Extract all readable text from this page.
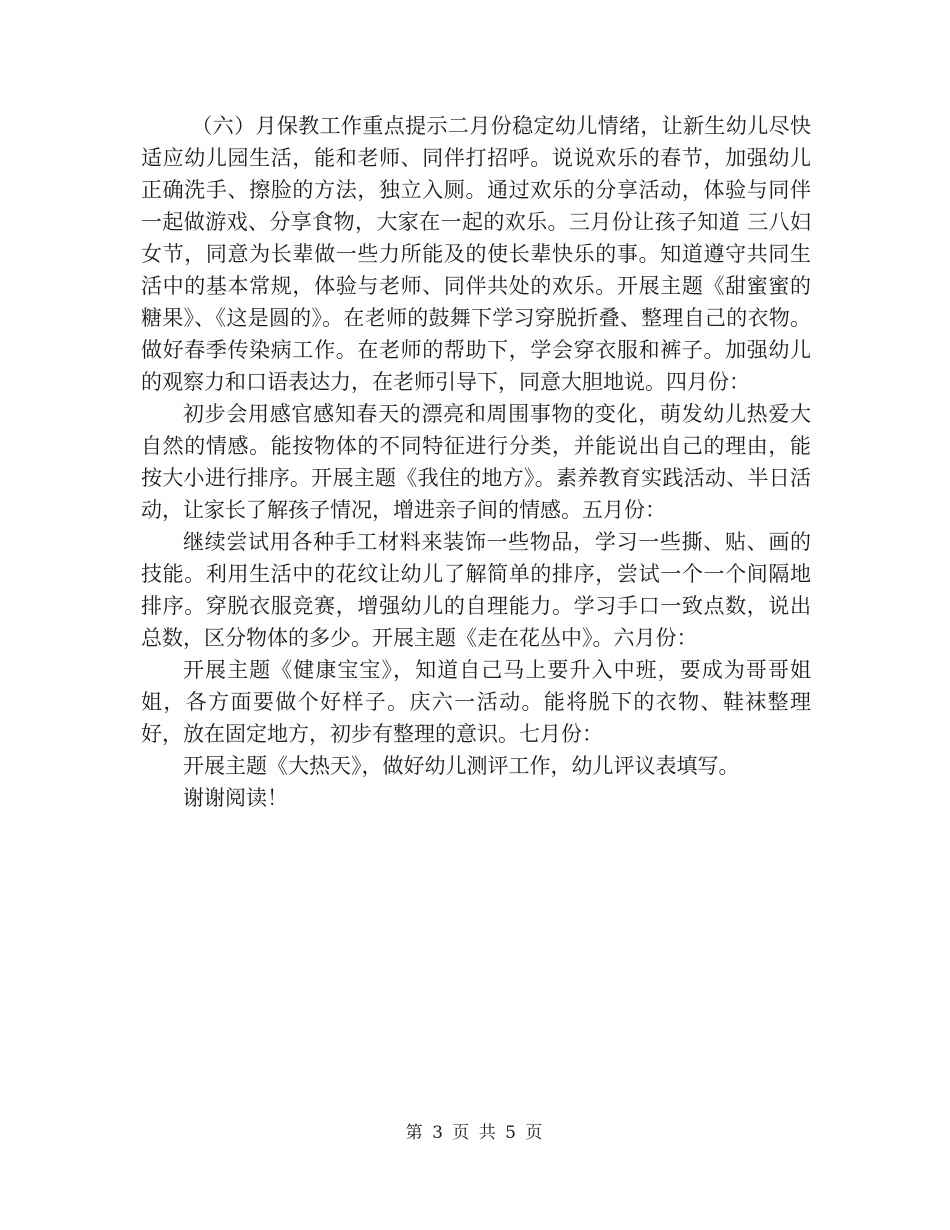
（六）月保教工作重点提示二月份稳定幼儿情绪，让新生幼儿尽快适应幼儿园生活，能和老师、同伴打招呼。说说欢乐的春节，加强幼儿正确洗手、擦脸的方法，独立入厕。通过欢乐的分享活动，体验与同伴一起做游戏、分享食物，大家在一起的欢乐。三月份让孩子知道 三八妇女节，同意为长辈做一些力所能及的使长辈快乐的事。知道遵守共同生活中的基本常规，体验与老师、同伴共处的欢乐。开展主题《甜蜜蜜的糖果》、《这是圆的》。在老师的鼓舞下学习穿脱折叠、整理自己的衣物。做好春季传染病工作。在老师的帮助下，学会穿衣服和裤子。加强幼儿的观察力和口语表达力，在老师引导下，同意大胆地说。四月份：

初步会用感官感知春天的漂亮和周围事物的变化，萌发幼儿热爱大自然的情感。能按物体的不同特征进行分类，并能说出自己的理由，能按大小进行排序。开展主题《我住的地方》。素养教育实践活动、半日活动，让家长了解孩子情况，增进亲子间的情感。五月份：

继续尝试用各种手工材料来装饰一些物品，学习一些撕、贴、画的技能。利用生活中的花纹让幼儿了解简单的排序，尝试一个一个间隔地排序。穿脱衣服竞赛，增强幼儿的自理能力。学习手口一致点数，说出总数，区分物体的多少。开展主题《走在花丛中》。六月份：

开展主题《健康宝宝》，知道自己马上要升入中班，要成为哥哥姐姐，各方面要做个好样子。庆六一活动。能将脱下的衣物、鞋袜整理好，放在固定地方，初步有整理的意识。七月份：

开展主题《大热天》，做好幼儿测评工作，幼儿评议表填写。

谢谢阅读！

第 3 页 共 5 页
